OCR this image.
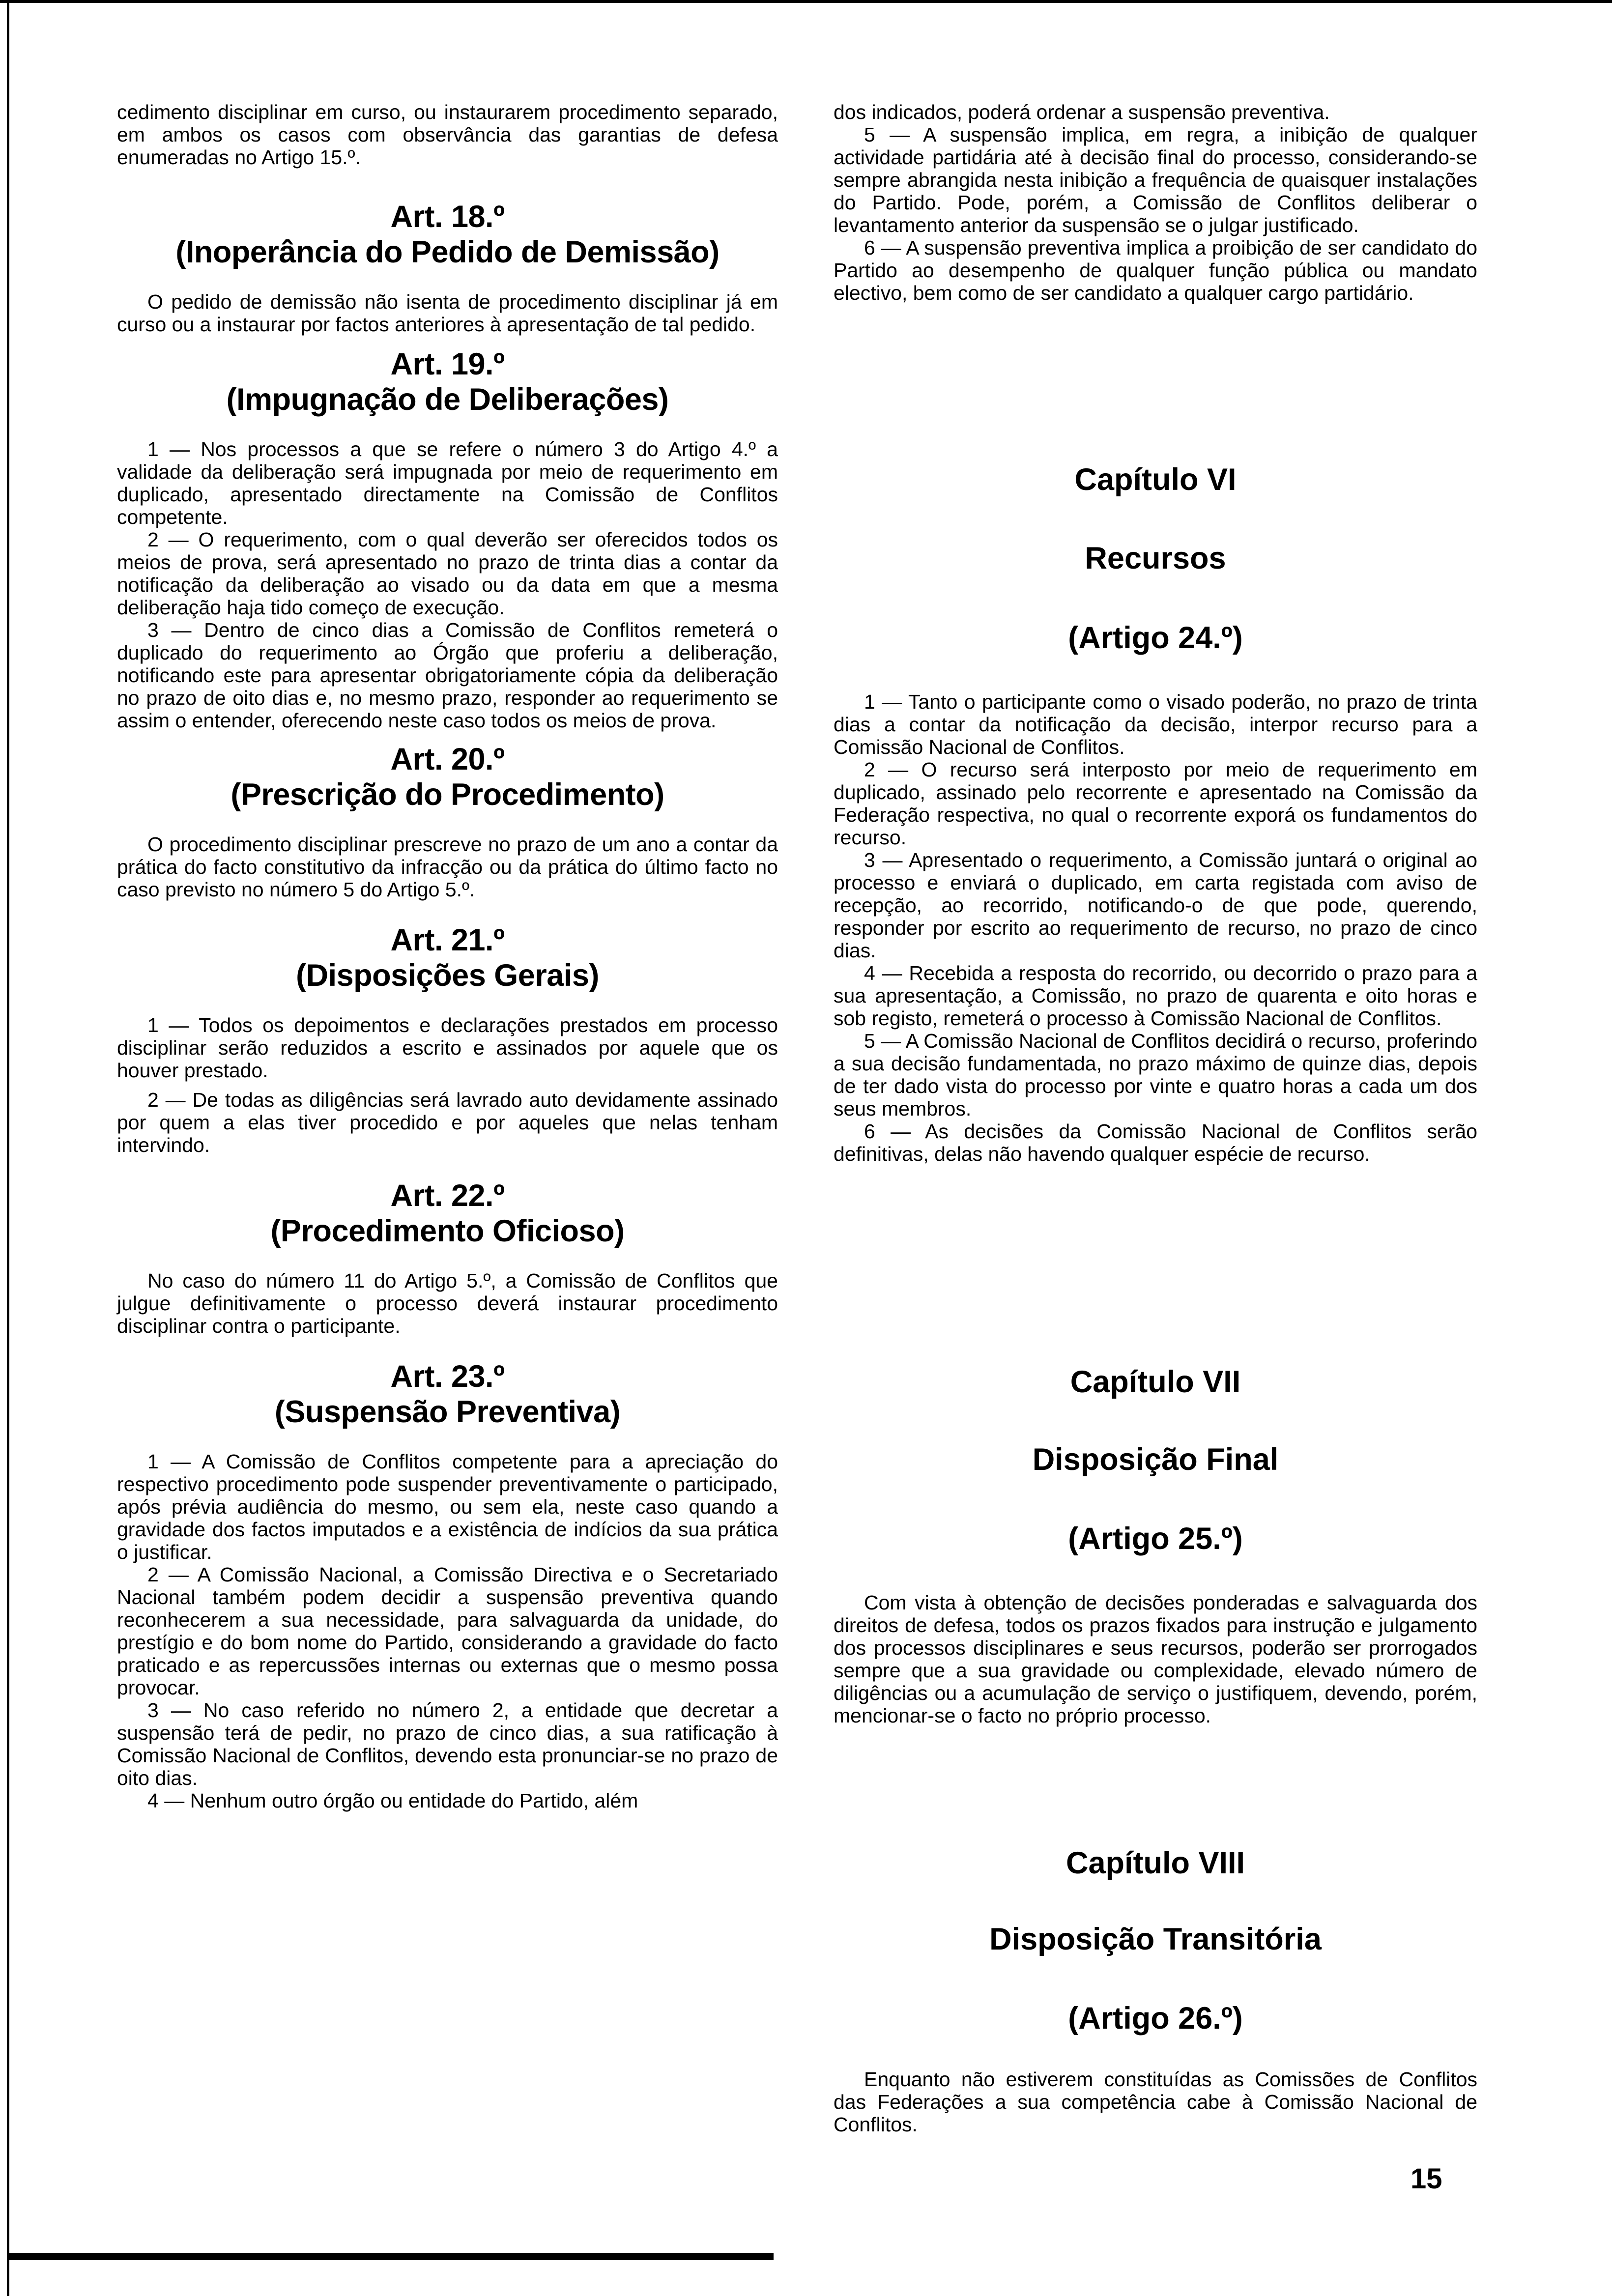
cedimento disciplinar em curso, ou instaurarem procedimento separado, em ambos os casos com observância das garantias de defesa enumeradas no Artigo 15.º.

Art. 18.º
(Inoperância do Pedido de Demissão)

O pedido de demissão não isenta de procedimento disciplinar já em curso ou a instaurar por factos anteriores à apresentação de tal pedido.

Art. 19.º
(Impugnação de Deliberações)

1 — Nos processos a que se refere o número 3 do Artigo 4.º a validade da deliberação será impugnada por meio de requerimento em duplicado, apresentado directamente na Comissão de Conflitos competente.

2 — O requerimento, com o qual deverão ser oferecidos todos os meios de prova, será apresentado no prazo de trinta dias a contar da notificação da deliberação ao visado ou da data em que a mesma deliberação haja tido começo de execução.

3 — Dentro de cinco dias a Comissão de Conflitos remeterá o duplicado do requerimento ao Órgão que proferiu a deliberação, notificando este para apresentar obrigatoriamente cópia da deliberação no prazo de oito dias e, no mesmo prazo, responder ao requerimento se assim o entender, oferecendo neste caso todos os meios de prova.

Art. 20.º
(Prescrição do Procedimento)

O procedimento disciplinar prescreve no prazo de um ano a contar da prática do facto constitutivo da infracção ou da prática do último facto no caso previsto no número 5 do Artigo 5.º.

Art. 21.º
(Disposições Gerais)

1 — Todos os depoimentos e declarações prestados em processo disciplinar serão reduzidos a escrito e assinados por aquele que os houver prestado.

2 — De todas as diligências será lavrado auto devidamente assinado por quem a elas tiver procedido e por aqueles que nelas tenham intervindo.

Art. 22.º
(Procedimento Oficioso)

No caso do número 11 do Artigo 5.º, a Comissão de Conflitos que julgue definitivamente o processo deverá instaurar procedimento disciplinar contra o participante.

Art. 23.º
(Suspensão Preventiva)

1 — A Comissão de Conflitos competente para a apreciação do respectivo procedimento pode suspender preventivamente o participado, após prévia audiência do mesmo, ou sem ela, neste caso quando a gravidade dos factos imputados e a existência de indícios da sua prática o justificar.

2 — A Comissão Nacional, a Comissão Directiva e o Secretariado Nacional também podem decidir a suspensão preventiva quando reconhecerem a sua necessidade, para salvaguarda da unidade, do prestígio e do bom nome do Partido, considerando a gravidade do facto praticado e as repercussões internas ou externas que o mesmo possa provocar.

3 — No caso referido no número 2, a entidade que decretar a suspensão terá de pedir, no prazo de cinco dias, a sua ratificação à Comissão Nacional de Conflitos, devendo esta pronunciar-se no prazo de oito dias.

4 — Nenhum outro órgão ou entidade do Partido, além

dos indicados, poderá ordenar a suspensão preventiva.

5 — A suspensão implica, em regra, a inibição de qualquer actividade partidária até à decisão final do processo, considerando-se sempre abrangida nesta inibição a frequência de quaisquer instalações do Partido. Pode, porém, a Comissão de Conflitos deliberar o levantamento anterior da suspensão se o julgar justificado.

6 — A suspensão preventiva implica a proibição de ser candidato do Partido ao desempenho de qualquer função pública ou mandato electivo, bem como de ser candidato a qualquer cargo partidário.

Capítulo VI
Recursos
(Artigo 24.º)

1 — Tanto o participante como o visado poderão, no prazo de trinta dias a contar da notificação da decisão, interpor recurso para a Comissão Nacional de Conflitos.

2 — O recurso será interposto por meio de requerimento em duplicado, assinado pelo recorrente e apresentado na Comissão da Federação respectiva, no qual o recorrente exporá os fundamentos do recurso.

3 — Apresentado o requerimento, a Comissão juntará o original ao processo e enviará o duplicado, em carta registada com aviso de recepção, ao recorrido, notificando-o de que pode, querendo, responder por escrito ao requerimento de recurso, no prazo de cinco dias.

4 — Recebida a resposta do recorrido, ou decorrido o prazo para a sua apresentação, a Comissão, no prazo de quarenta e oito horas e sob registo, remeterá o processo à Comissão Nacional de Conflitos.

5 — A Comissão Nacional de Conflitos decidirá o recurso, proferindo a sua decisão fundamentada, no prazo máximo de quinze dias, depois de ter dado vista do processo por vinte e quatro horas a cada um dos seus membros.

6 — As decisões da Comissão Nacional de Conflitos serão definitivas, delas não havendo qualquer espécie de recurso.

Capítulo VII
Disposição Final
(Artigo 25.º)

Com vista à obtenção de decisões ponderadas e salvaguarda dos direitos de defesa, todos os prazos fixados para instrução e julgamento dos processos disciplinares e seus recursos, poderão ser prorrogados sempre que a sua gravidade ou complexidade, elevado número de diligências ou a acumulação de serviço o justifiquem, devendo, porém, mencionar-se o facto no próprio processo.

Capítulo VIII
Disposição Transitória
(Artigo 26.º)

Enquanto não estiverem constituídas as Comissões de Conflitos das Federações a sua competência cabe à Comissão Nacional de Conflitos.

15
